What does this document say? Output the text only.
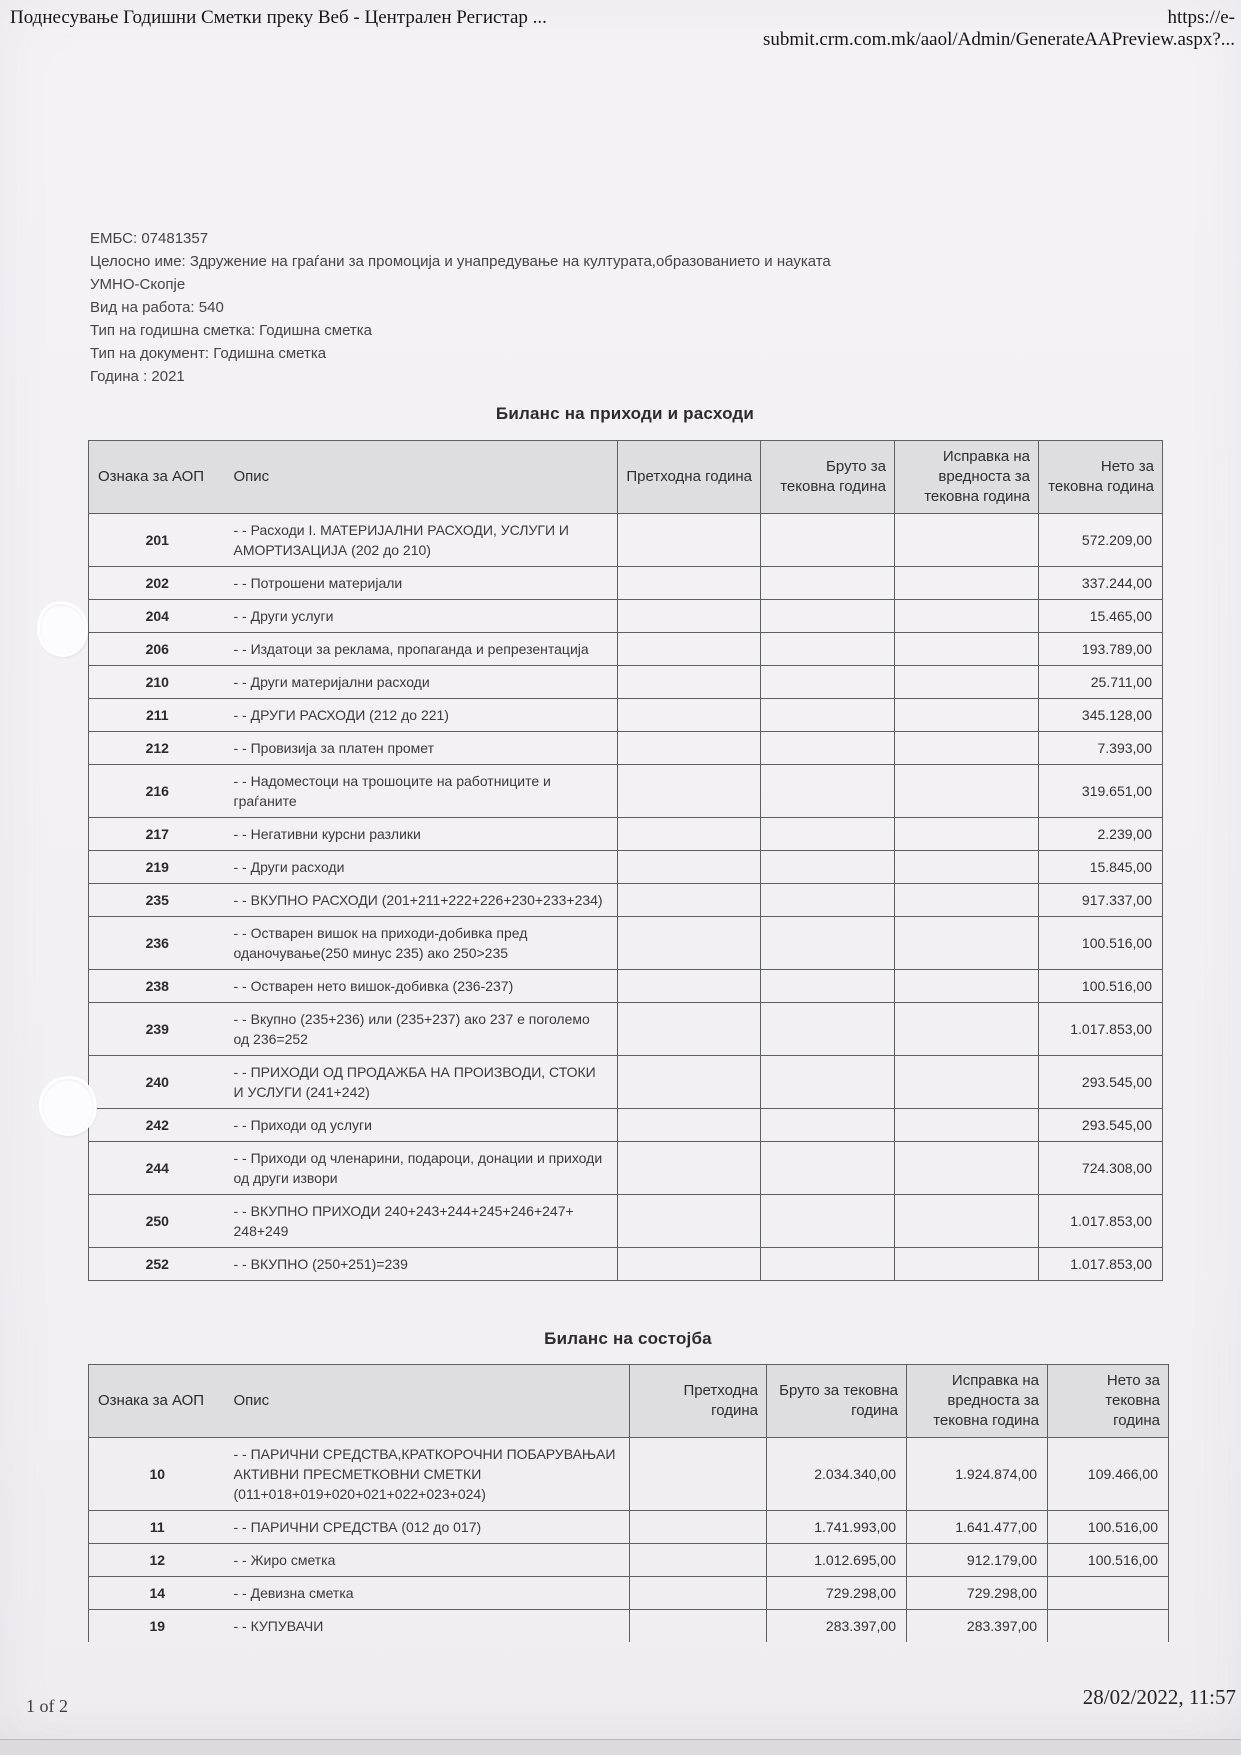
Поднесување Годишни Сметки преку Веб - Централен Регистар ...	https://e-submit.crm.com.mk/aaol/Admin/GenerateAAPreview.aspx?...
ЕМБС: 07481357
Целосно име: Здружение на граѓани за промоција и унапредување на културата,образованието и науката
УМНО-Скопје
Вид на работа: 540
Тип на годишна сметка: Годишна сметка
Тип на документ: Годишна сметка
Година : 2021
Биланс на приходи и расходи
Ознака за АОП	Опис	Претходна година	Бруто за тековна година	Исправка на вредноста за тековна година	Нето за тековна година
201	- - Расходи I. МАТЕРИЈАЛНИ РАСХОДИ, УСЛУГИ И АМОРТИЗАЦИЈА (202 до 210)				572.209,00
202	- - Потрошени материјали				337.244,00
204	- - Други услуги				15.465,00
206	- - Издатоци за реклама, пропаганда и репрезентација				193.789,00
210	- - Други материјални расходи				25.711,00
211	- - ДРУГИ РАСХОДИ (212 до 221)				345.128,00
212	- - Провизија за платен промет				7.393,00
216	- - Надоместоци на трошоците на работниците и граѓаните				319.651,00
217	- - Негативни курсни разлики				2.239,00
219	- - Други расходи				15.845,00
235	- - ВКУПНО РАСХОДИ (201+211+222+226+230+233+234)				917.337,00
236	- - Остварен вишок на приходи-добивка пред оданочување(250 минус 235) ако 250>235				100.516,00
238	- - Остварен нето вишок-добивка (236-237)				100.516,00
239	- - Вкупно (235+236) или (235+237) ако 237 е поголемо од 236=252				1.017.853,00
240	- - ПРИХОДИ ОД ПРОДАЖБА НА ПРОИЗВОДИ, СТОКИ И УСЛУГИ (241+242)				293.545,00
242	- - Приходи од услуги				293.545,00
244	- - Приходи од членарини, подароци, донации и приходи од други извори				724.308,00
250	- - ВКУПНО ПРИХОДИ 240+243+244+245+246+247+ 248+249				1.017.853,00
252	- - ВКУПНО (250+251)=239				1.017.853,00
Биланс на состојба
Ознака за АОП	Опис	Претходна година	Бруто за тековна година	Исправка на вредноста за тековна година	Нето за тековна година
10	- - ПАРИЧНИ СРЕДСТВА,КРАТКОРОЧНИ ПОБАРУВАЊАИ АКТИВНИ ПРЕСМЕТКОВНИ СМЕТКИ (011+018+019+020+021+022+023+024)		2.034.340,00	1.924.874,00	109.466,00
11	- - ПАРИЧНИ СРЕДСТВА (012 до 017)		1.741.993,00	1.641.477,00	100.516,00
12	- - Жиро сметка		1.012.695,00	912.179,00	100.516,00
14	- - Девизна сметка		729.298,00	729.298,00	
19	- - КУПУВАЧИ		283.397,00	283.397,00	
1 of 2	28/02/2022, 11:57
